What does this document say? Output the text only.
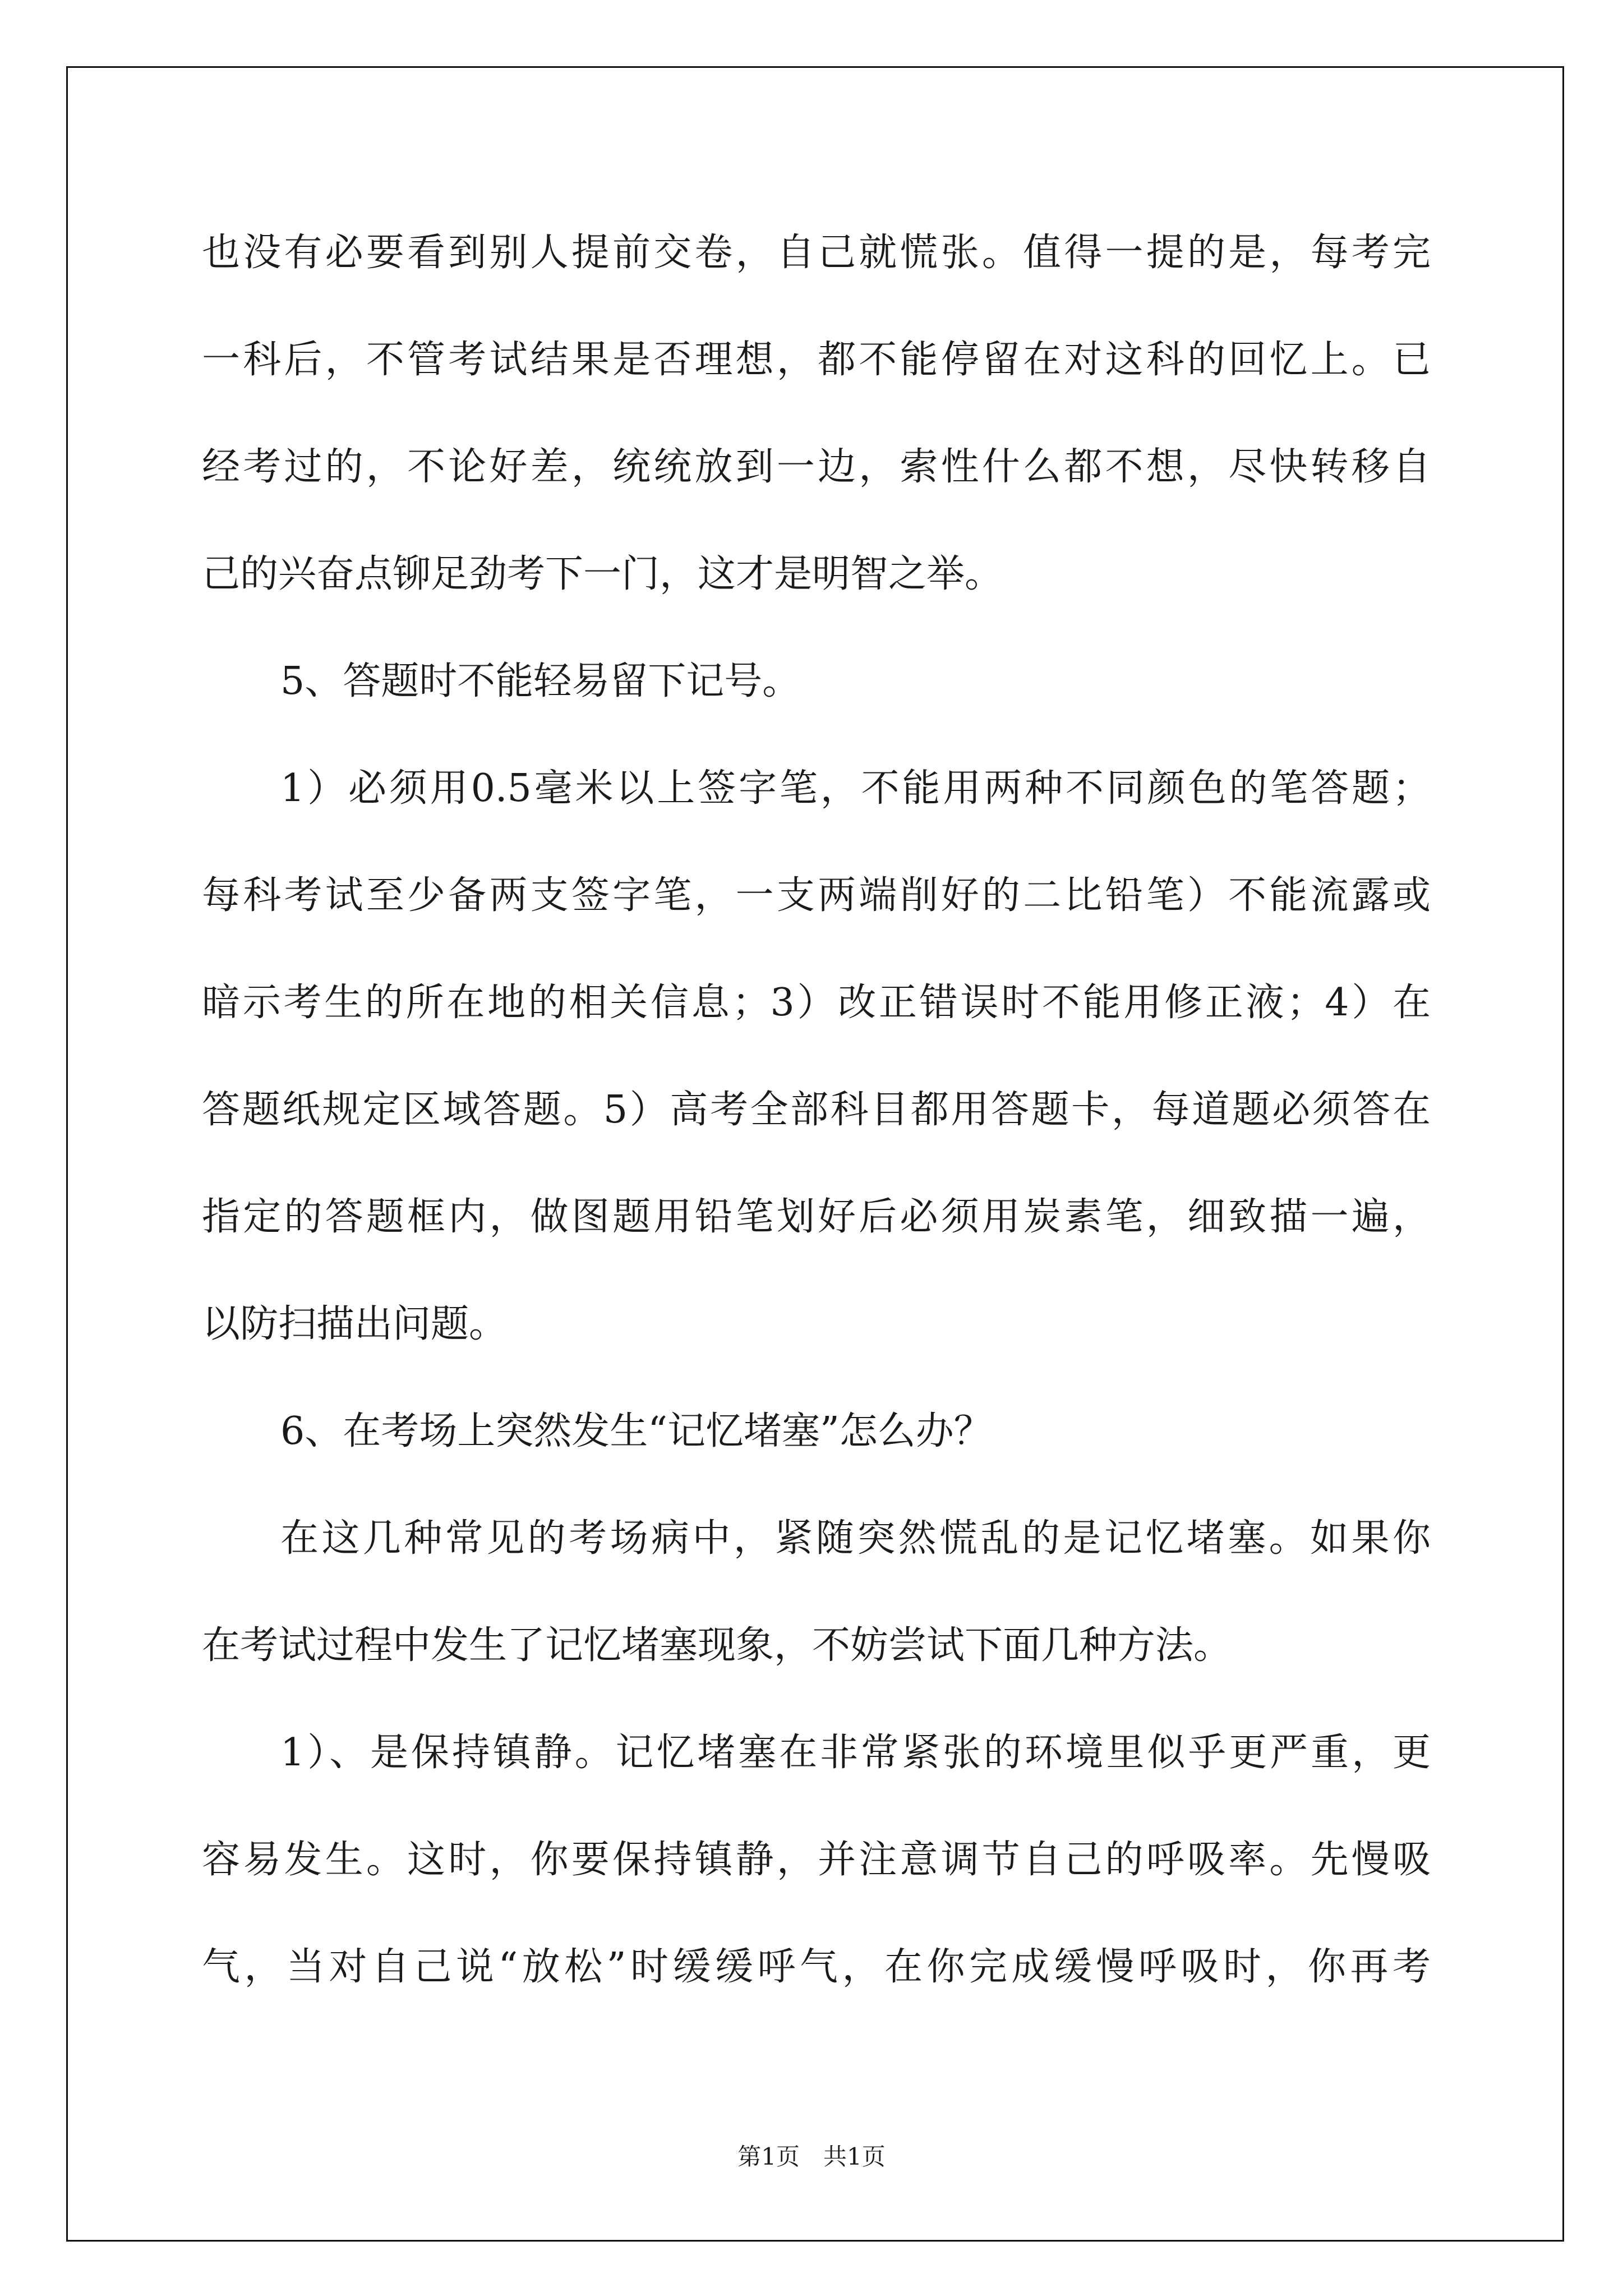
也没有必要看到别人提前交卷，自己就慌张。值得一提的是，每考完
一科后，不管考试结果是否理想，都不能停留在对这科的回忆上。已
经考过的，不论好差，统统放到一边，索性什么都不想，尽快转移自
己的兴奋点铆足劲考下一门，这才是明智之举。
5、答题时不能轻易留下记号。
1）必须用0.5毫米以上签字笔，不能用两种不同颜色的笔答题；
每科考试至少备两支签字笔，一支两端削好的二比铅笔）不能流露或
暗示考生的所在地的相关信息；3）改正错误时不能用修正液；4）在
答题纸规定区域答题。5）高考全部科目都用答题卡，每道题必须答在
指定的答题框内，做图题用铅笔划好后必须用炭素笔，细致描一遍，
以防扫描出问题。
6、在考场上突然发生“记忆堵塞”怎么办？
在这几种常见的考场病中，紧随突然慌乱的是记忆堵塞。如果你
在考试过程中发生了记忆堵塞现象，不妨尝试下面几种方法。
1）、是保持镇静。记忆堵塞在非常紧张的环境里似乎更严重，更
容易发生。这时，你要保持镇静，并注意调节自己的呼吸率。先慢吸
气，当对自己说“放松”时缓缓呼气，在你完成缓慢呼吸时，你再考
第1页　共1页
